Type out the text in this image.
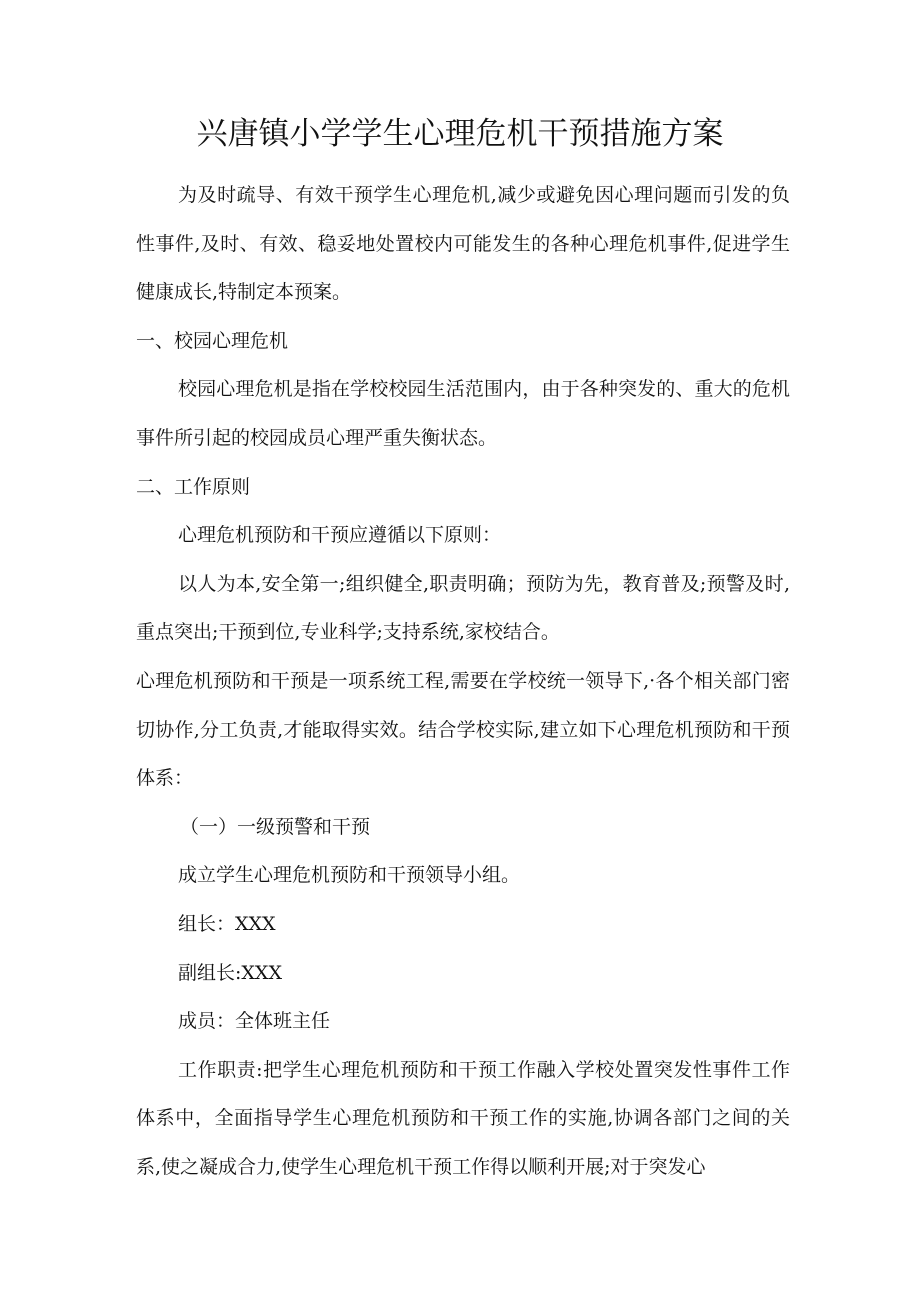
兴唐镇小学学生心理危机干预措施方案

为及时疏导、有效干预学生心理危机,减少或避免因心理问题而引发的负性事件,及时、有效、稳妥地处置校内可能发生的各种心理危机事件,促进学生健康成长,特制定本预案。

一、校园心理危机

校园心理危机是指在学校校园生活范围内，由于各种突发的、重大的危机事件所引起的校园成员心理严重失衡状态。

二、工作原则

心理危机预防和干预应遵循以下原则：

以人为本,安全第一;组织健全,职责明确；预防为先，教育普及;预警及时,重点突出;干预到位,专业科学;支持系统,家校结合。

心理危机预防和干预是一项系统工程,需要在学校统一领导下,·各个相关部门密切协作,分工负责,才能取得实效。结合学校实际,建立如下心理危机预防和干预体系：

（一）一级预警和干预

成立学生心理危机预防和干预领导小组。

组长：XXX

副组长:XXX

成员：全体班主任

工作职责:把学生心理危机预防和干预工作融入学校处置突发性事件工作体系中，全面指导学生心理危机预防和干预工作的实施,协调各部门之间的关系,使之凝成合力,使学生心理危机干预工作得以顺利开展;对于突发心
